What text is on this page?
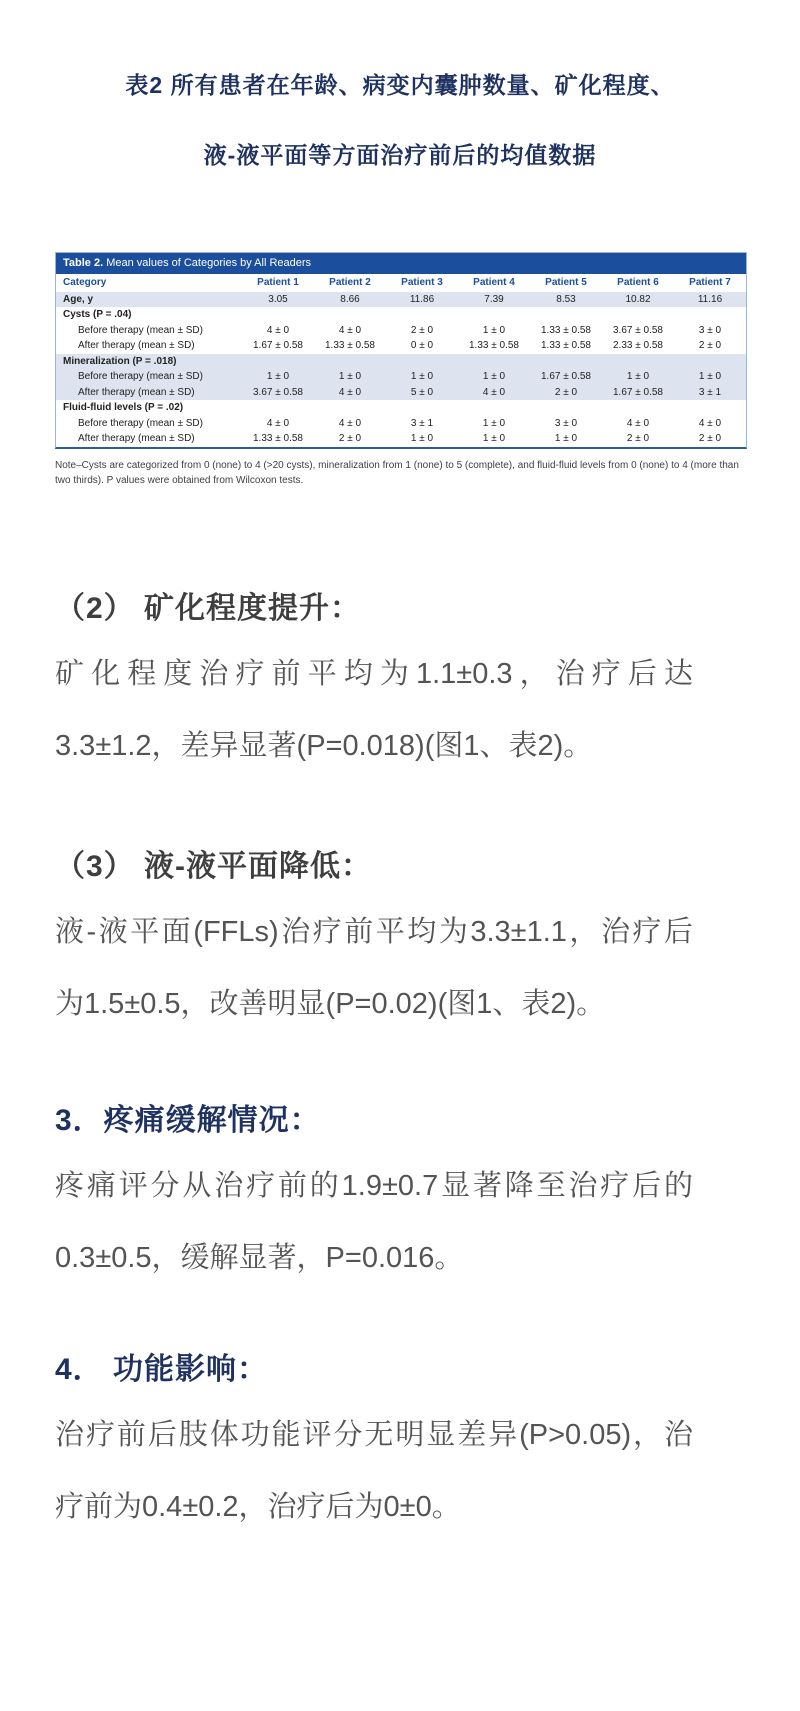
表2 所有患者在年龄、病变内囊肿数量、矿化程度、
液-液平面等方面治疗前后的均值数据
Table 2. Mean values of Categories by All Readers
Category	Patient 1	Patient 2	Patient 3	Patient 4	Patient 5	Patient 6	Patient 7
Age, y	3.05	8.66	11.86	7.39	8.53	10.82	11.16
Cysts (P = .04)							
Before therapy (mean ± SD)	4 ± 0	4 ± 0	2 ± 0	1 ± 0	1.33 ± 0.58	3.67 ± 0.58	3 ± 0
After therapy (mean ± SD)	1.67 ± 0.58	1.33 ± 0.58	0 ± 0	1.33 ± 0.58	1.33 ± 0.58	2.33 ± 0.58	2 ± 0
Mineralization (P = .018)							
Before therapy (mean ± SD)	1 ± 0	1 ± 0	1 ± 0	1 ± 0	1.67 ± 0.58	1 ± 0	1 ± 0
After therapy (mean ± SD)	3.67 ± 0.58	4 ± 0	5 ± 0	4 ± 0	2 ± 0	1.67 ± 0.58	3 ± 1
Fluid-fluid levels (P = .02)							
Before therapy (mean ± SD)	4 ± 0	4 ± 0	3 ± 1	1 ± 0	3 ± 0	4 ± 0	4 ± 0
After therapy (mean ± SD)	1.33 ± 0.58	2 ± 0	1 ± 0	1 ± 0	1 ± 0	2 ± 0	2 ± 0
Note–Cysts are categorized from 0 (none) to 4 (>20 cysts), mineralization from 1 (none) to 5 (complete), and fluid-fluid levels from 0 (none) to 4 (more than two thirds). P values were obtained from Wilcoxon tests.
（2） 矿化程度提升：
矿化程度治疗前平均为1.1±0.3，治疗后达
3.3±1.2，差异显著(P=0.018)(图1、表2)。
（3） 液-液平面降低：
液-液平面(FFLs)治疗前平均为3.3±1.1，治疗后
为1.5±0.5，改善明显(P=0.02)(图1、表2)。
3．疼痛缓解情况：
疼痛评分从治疗前的1.9±0.7显著降至治疗后的
0.3±0.5，缓解显著，P=0.016。
4． 功能影响：
治疗前后肢体功能评分无明显差异(P>0.05)，治
疗前为0.4±0.2，治疗后为0±0。
